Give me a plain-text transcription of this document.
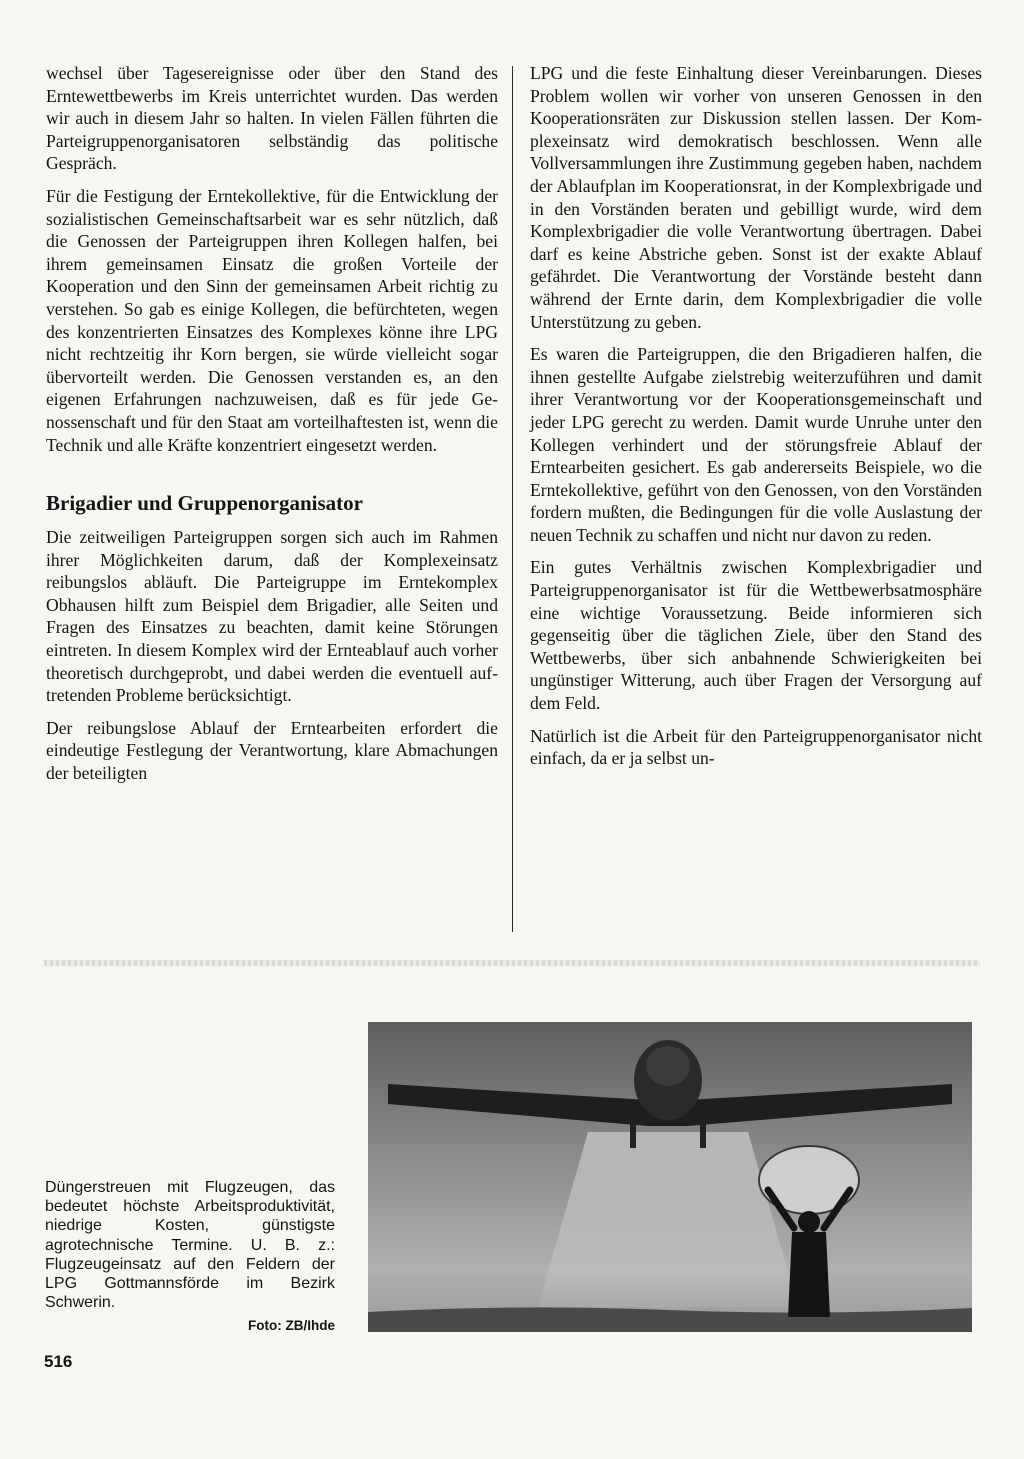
wechsel über Tagesereignisse oder über den Stand des Erntewettbewerbs im Kreis unterrichtet wurden. Das werden wir auch in diesem Jahr so halten. In vielen Fällen führten die Parteigruppenorganisatoren selbständig das politische Gespräch.

Für die Festigung der Erntekollektive, für die Entwicklung der sozialistischen Gemeinschaftsarbeit war es sehr nützlich, daß die Genossen der Parteigruppen ihren Kollegen halfen, bei ihrem gemeinsamen Einsatz die großen Vorteile der Kooperation und den Sinn der gemeinsamen Arbeit richtig zu verstehen. So gab es einige Kollegen, die befürchteten, wegen des konzentrierten Einsatzes des Komplexes könne ihre LPG nicht rechtzeitig ihr Korn bergen, sie würde vielleicht sogar übervorteilt werden. Die Genossen verstanden es, an den eigenen Erfahrungen nachzuweisen, daß es für jede Genossenschaft und für den Staat am vorteilhaftesten ist, wenn die Technik und alle Kräfte konzentriert eingesetzt werden.

Brigadier und Gruppenorganisator

Die zeitweiligen Parteigruppen sorgen sich auch im Rahmen ihrer Möglichkeiten darum, daß der Komplexeinsatz reibungslos abläuft. Die Parteigruppe im Erntekomplex Obhausen hilft zum Beispiel dem Brigadier, alle Seiten und Fragen des Einsatzes zu beachten, damit keine Störungen eintreten. In diesem Komplex wird der Ernteablauf auch vorher theoretisch durchgeprobt, und dabei werden die eventuell auftretenden Probleme berücksichtigt.

Der reibungslose Ablauf der Erntearbeiten erfordert die eindeutige Festlegung der Verantwortung, klare Abmachungen der beteiligten

LPG und die feste Einhaltung dieser Vereinbarungen. Dieses Problem wollen wir vorher von unseren Genossen in den Kooperationsräten zur Diskussion stellen lassen. Der Komplexeinsatz wird demokratisch beschlossen. Wenn alle Vollversammlungen ihre Zustimmung gegeben haben, nachdem der Ablaufplan im Kooperationsrat, in der Komplexbrigade und in den Vorständen beraten und gebilligt wurde, wird dem Komplexbrigadier die volle Verantwortung übertragen. Dabei darf es keine Abstriche geben. Sonst ist der exakte Ablauf gefährdet. Die Verantwortung der Vorstände besteht dann während der Ernte darin, dem Komplexbrigadier die volle Unterstützung zu geben.

Es waren die Parteigruppen, die den Brigadieren halfen, die ihnen gestellte Aufgabe zielstrebig weiterzuführen und damit ihrer Verantwortung vor der Kooperationsgemeinschaft und jeder LPG gerecht zu werden. Damit wurde Unruhe unter den Kollegen verhindert und der störungsfreie Ablauf der Erntearbeiten gesichert. Es gab andererseits Beispiele, wo die Erntekollektive, geführt von den Genossen, von den Vorständen fordern mußten, die Bedingungen für die volle Auslastung der neuen Technik zu schaffen und nicht nur davon zu reden.

Ein gutes Verhältnis zwischen Komplexbrigadier und Parteigruppenorganisator ist für die Wettbewerbsatmosphäre eine wichtige Voraussetzung. Beide informieren sich gegenseitig über die täglichen Ziele, über den Stand des Wettbewerbs, über sich anbahnende Schwierigkeiten bei ungünstiger Witterung, auch über Fragen der Versorgung auf dem Feld.

Natürlich ist die Arbeit für den Parteigruppenorganisator nicht einfach, da er ja selbst un-

Düngerstreuen mit Flugzeugen, das bedeutet höchste Arbeitsproduktivität, niedrige Kosten, günstigste agrotechnische Termine. U. B. z.: Flugzeugeinsatz auf den Feldern der LPG Gottmannsförde im Bezirk Schwerin.
Foto: ZB/Ihde
516
